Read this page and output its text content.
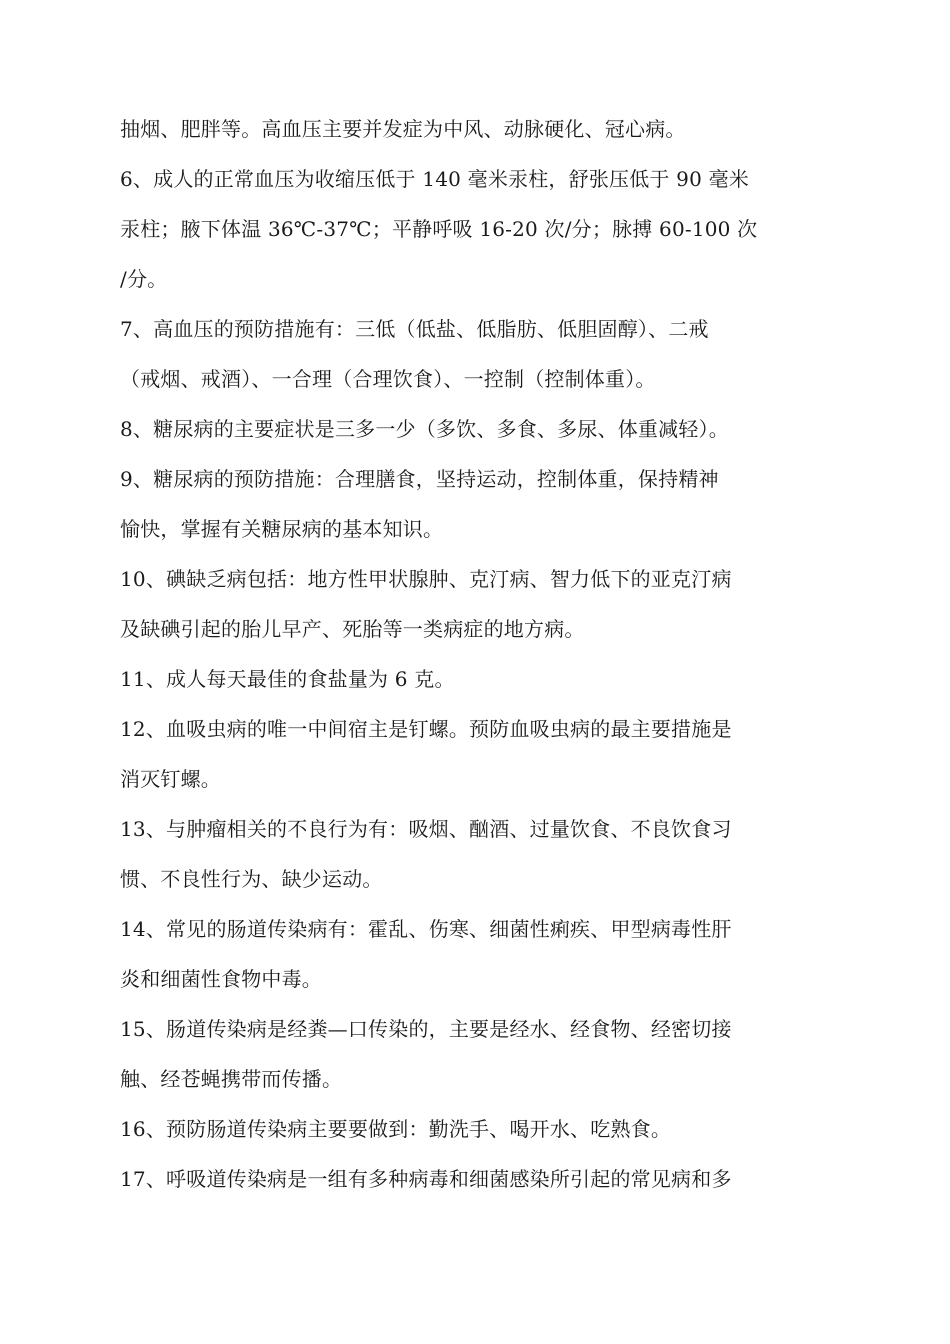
抽烟、肥胖等。高血压主要并发症为中风、动脉硬化、冠心病。
6、成人的正常血压为收缩压低于 140 毫米汞柱，舒张压低于 90 毫米
汞柱；腋下体温 36℃-37℃；平静呼吸 16-20 次/分；脉搏 60-100 次
/分。
7、高血压的预防措施有：三低（低盐、低脂肪、低胆固醇）、二戒
（戒烟、戒酒）、一合理（合理饮食）、一控制（控制体重）。
8、糖尿病的主要症状是三多一少（多饮、多食、多尿、体重减轻）。
9、糖尿病的预防措施：合理膳食，坚持运动，控制体重，保持精神
愉快，掌握有关糖尿病的基本知识。
10、碘缺乏病包括：地方性甲状腺肿、克汀病、智力低下的亚克汀病
及缺碘引起的胎儿早产、死胎等一类病症的地方病。
11、成人每天最佳的食盐量为 6 克。
12、血吸虫病的唯一中间宿主是钉螺。预防血吸虫病的最主要措施是
消灭钉螺。
13、与肿瘤相关的不良行为有：吸烟、酗酒、过量饮食、不良饮食习
惯、不良性行为、缺少运动。
14、常见的肠道传染病有：霍乱、伤寒、细菌性痢疾、甲型病毒性肝
炎和细菌性食物中毒。
15、肠道传染病是经粪—口传染的，主要是经水、经食物、经密切接
触、经苍蝇携带而传播。
16、预防肠道传染病主要要做到：勤洗手、喝开水、吃熟食。
17、呼吸道传染病是一组有多种病毒和细菌感染所引起的常见病和多
